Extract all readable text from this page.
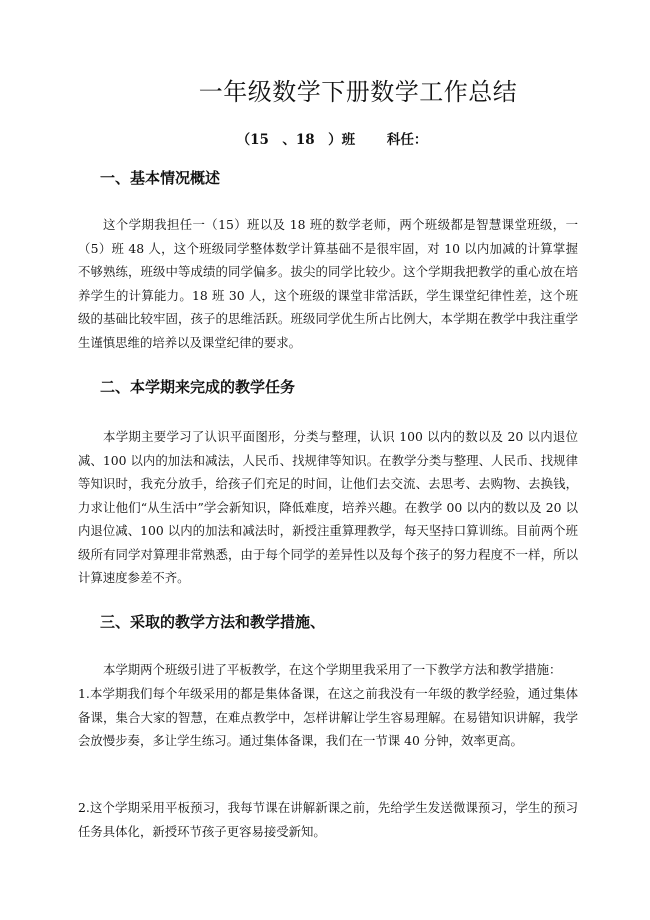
一年级数学下册数学工作总结
（15　、18　）班　　 科任：
一、基本情况概述
这个学期我担任一（15）班以及 18 班的数学老师，两个班级都是智慧课堂班级，一（5）班 48 人，这个班级同学整体数学计算基础不是很牢固，对 10 以内加减的计算掌握不够熟练，班级中等成绩的同学偏多。拔尖的同学比较少。这个学期我把教学的重心放在培养学生的计算能力。18 班 30 人，这个班级的课堂非常活跃，学生课堂纪律性差，这个班级的基础比较牢固，孩子的思维活跃。班级同学优生所占比例大，本学期在教学中我注重学生谨慎思维的培养以及课堂纪律的要求。
二、本学期来完成的教学任务
本学期主要学习了认识平面图形，分类与整理，认识 100 以内的数以及 20 以内退位减、100 以内的加法和减法，人民币、找规律等知识。在教学分类与整理、人民币、找规律等知识时，我充分放手，给孩子们充足的时间，让他们去交流、去思考、去购物、去换钱，力求让他们“从生活中”学会新知识，降低难度，培养兴趣。在教学 00 以内的数以及 20 以内退位减、100 以内的加法和减法时，新授注重算理教学，每天坚持口算训练。目前两个班级所有同学对算理非常熟悉，由于每个同学的差异性以及每个孩子的努力程度不一样，所以计算速度参差不齐。
三、采取的教学方法和教学措施、
本学期两个班级引进了平板教学，在这个学期里我采用了一下教学方法和教学措施：
1.本学期我们每个年级采用的都是集体备课，在这之前我没有一年级的教学经验，通过集体备课，集合大家的智慧，在难点教学中，怎样讲解让学生容易理解。在易错知识讲解，我学会放慢步奏，多让学生练习。通过集体备课，我们在一节课 40 分钟，效率更高。
2.这个学期采用平板预习，我每节课在讲解新课之前，先给学生发送微课预习，学生的预习任务具体化，新授环节孩子更容易接受新知。
